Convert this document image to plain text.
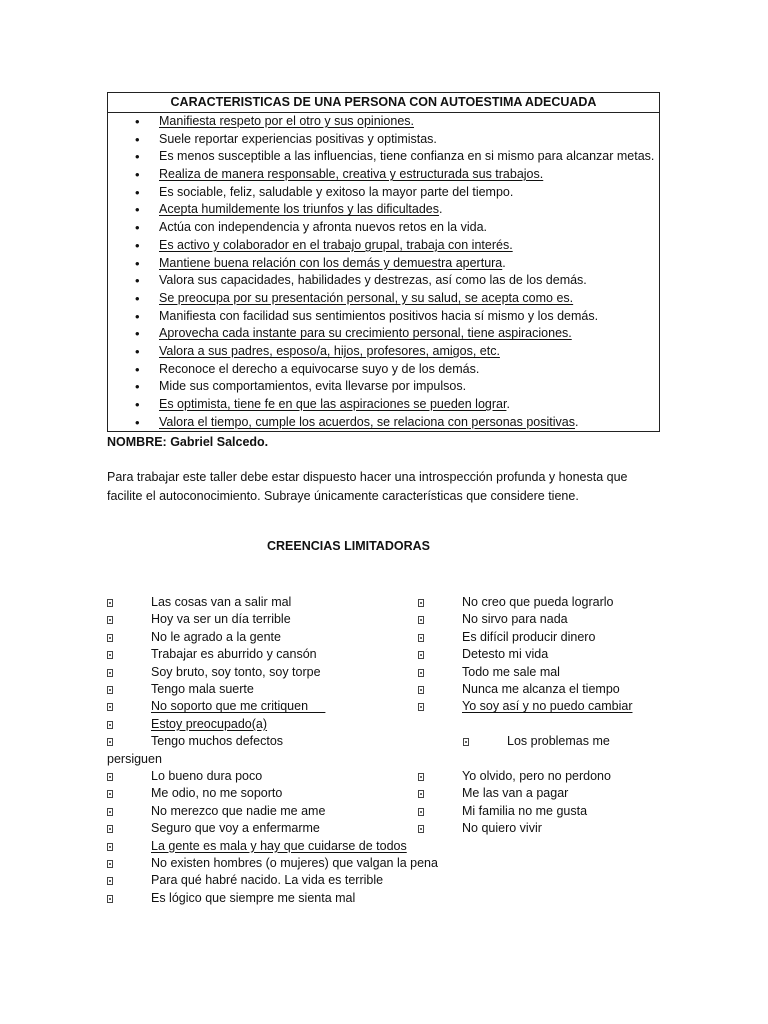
CARACTERISTICAS DE UNA PERSONA CON AUTOESTIMA ADECUADA
• Manifiesta respeto por el otro y sus opiniones.
• Suele reportar experiencias positivas y optimistas.
• Es menos susceptible a las influencias, tiene confianza en si mismo para alcanzar metas.
• Realiza de manera responsable, creativa y estructurada sus trabajos.
• Es sociable, feliz, saludable y exitoso la mayor parte del tiempo.
• Acepta humildemente los triunfos y las dificultades.
• Actúa con independencia y afronta nuevos retos en la vida.
• Es activo y colaborador en el trabajo grupal, trabaja con interés.
• Mantiene buena relación con los demás y demuestra apertura.
• Valora sus capacidades, habilidades y destrezas, así como las de los demás.
• Se preocupa por su presentación personal, y su salud, se acepta como es.
• Manifiesta con facilidad sus sentimientos positivos hacia sí mismo y los demás.
• Aprovecha cada instante para su crecimiento personal, tiene aspiraciones.
• Valora a sus padres, esposo/a, hijos, profesores, amigos, etc.
• Reconoce el derecho a equivocarse suyo y de los demás.
• Mide sus comportamientos, evita llevarse por impulsos.
• Es optimista, tiene fe en que las aspiraciones se pueden lograr.
• Valora el tiempo, cumple los acuerdos, se relaciona con personas positivas.
NOMBRE: Gabriel Salcedo.
Para trabajar este taller debe estar dispuesto hacer una introspección profunda y honesta que
facilite el autoconocimiento. Subraye únicamente características que considere tiene.
CREENCIAS LIMITADORAS
Las cosas van a salir mal
Hoy va ser un día terrible
No le agrado a la gente
Trabajar es aburrido y cansón
Soy bruto, soy tonto, soy torpe
Tengo mala suerte
No soporto que me critiquen
Estoy preocupado(a)
Tengo muchos defectos
No creo que pueda lograrlo
No sirvo para nada
Es difícil producir dinero
Detesto mi vida
Todo me sale mal
Nunca me alcanza el tiempo
Yo soy así y no puedo cambiar
Los problemas me
persiguen
Lo bueno dura poco
Me odio, no me soporto
No merezco que nadie me ame
Seguro que voy a enfermarme
La gente es mala y hay que cuidarse de todos
No existen hombres (o mujeres) que valgan la pena
Para qué habré nacido. La vida es terrible
Es lógico que siempre me sienta mal
Yo olvido, pero no perdono
Me las van a pagar
Mi familia no me gusta
No quiero vivir
